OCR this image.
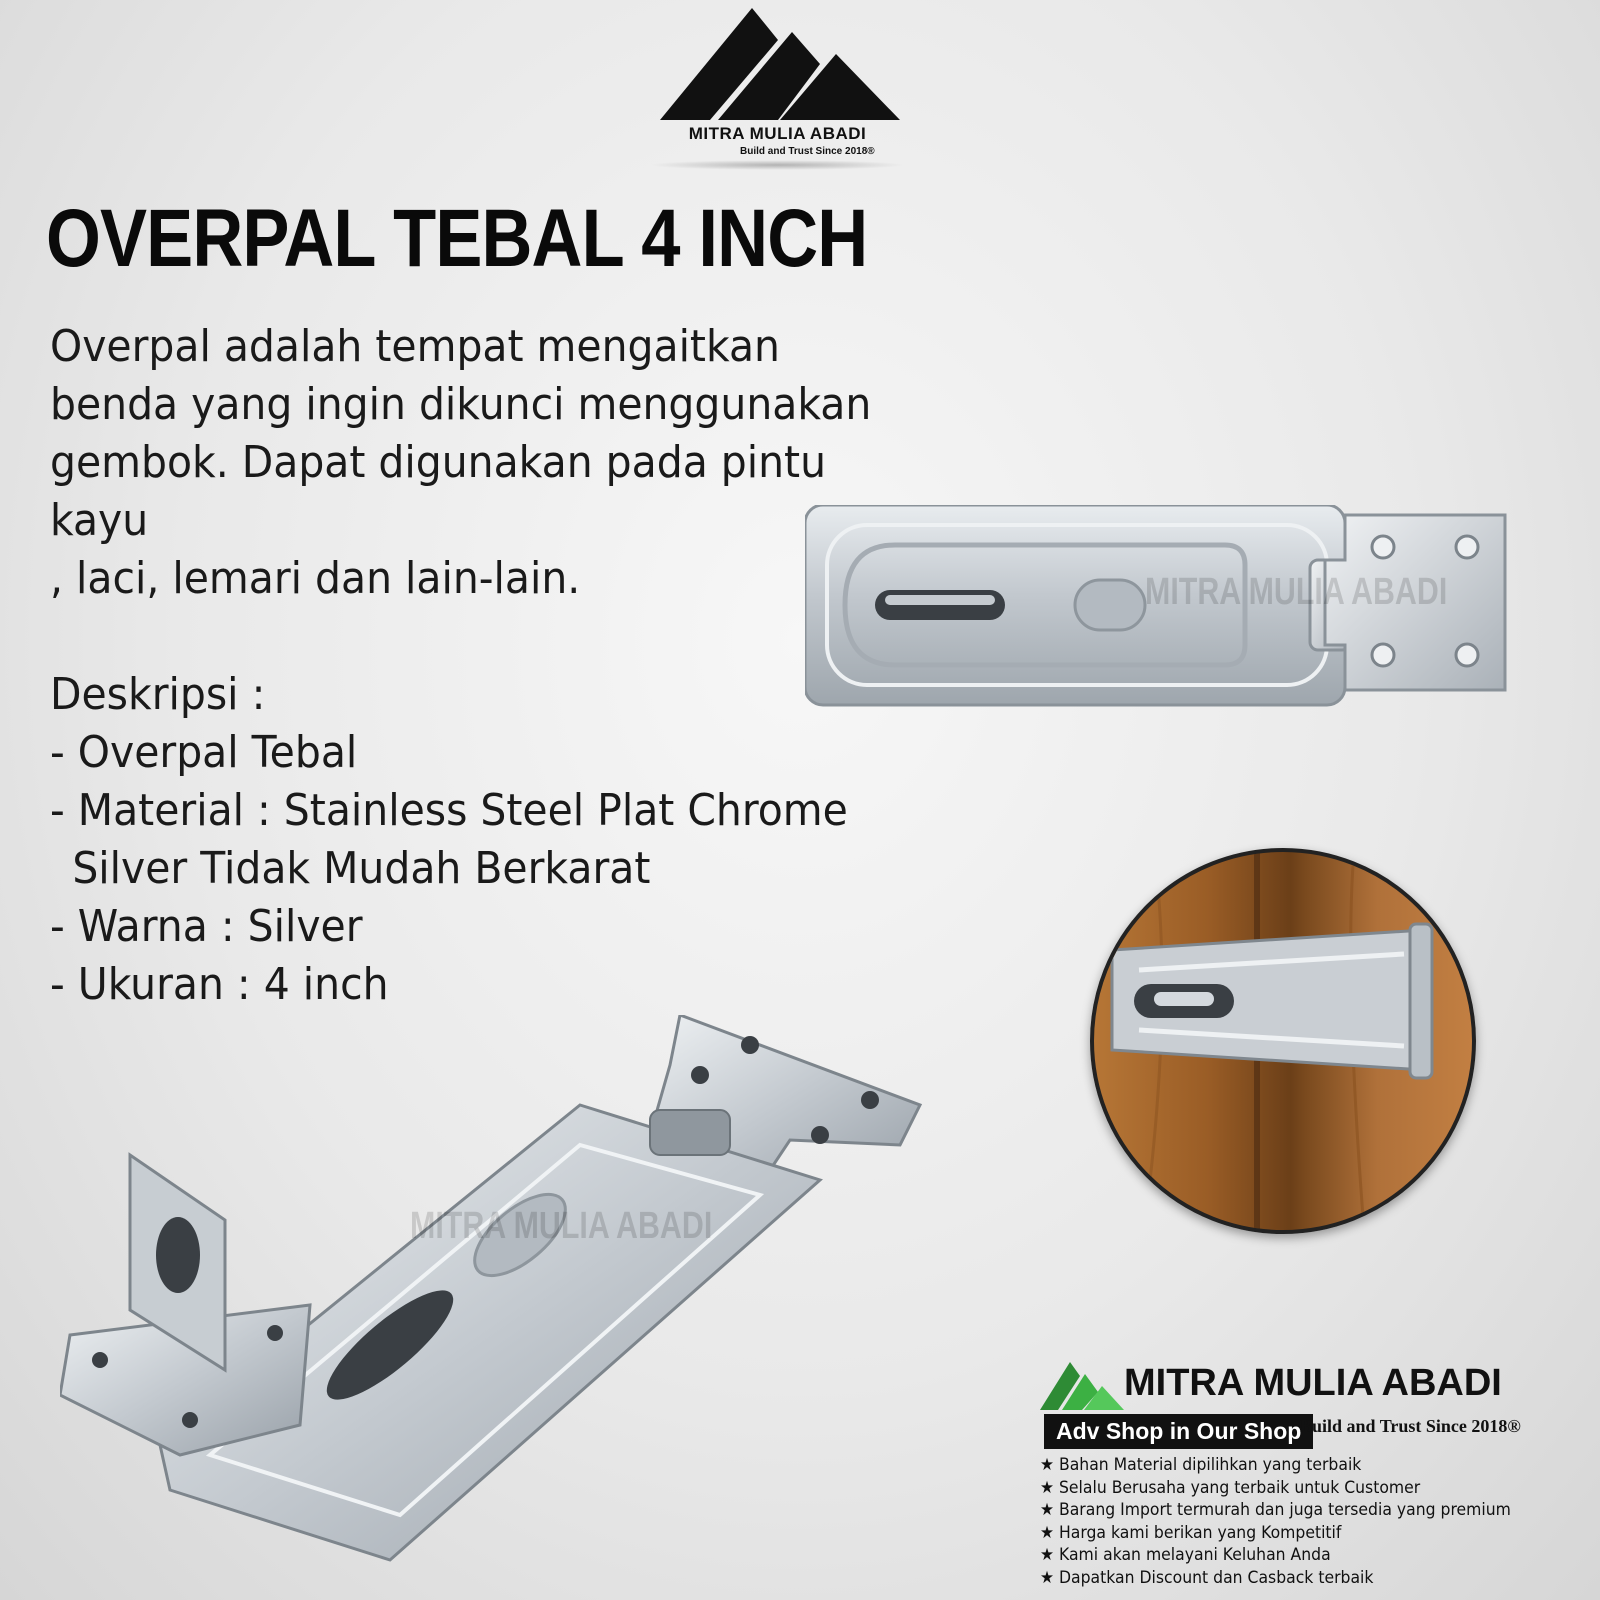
MITRA MULIA ABADI
Build and Trust Since 2018®
OVERPAL TEBAL 4 INCH

Overpal adalah tempat mengaitkan

benda yang ingin dikunci menggunakan

gembok. Dapat digunakan pada pintu kayu

, laci, lemari dan lain-lain.

Deskripsi :

- Overpal Tebal

- Material : Stainless Steel Plat Chrome

Silver Tidak Mudah Berkarat

- Warna : Silver

- Ukuran : 4 inch

MITRA MULIA ABADI
MITRA MULIA ABADI
MITRA MULIA ABADI
Adv Shop in Our Shop
Build and Trust Since 2018®
★ Bahan Material dipilihkan yang terbaik
★ Selalu Berusaha yang terbaik untuk Customer
★ Barang Import termurah dan juga tersedia yang premium
★ Harga kami berikan yang Kompetitif
★ Kami akan melayani Keluhan Anda
★ Dapatkan Discount dan Casback terbaik
